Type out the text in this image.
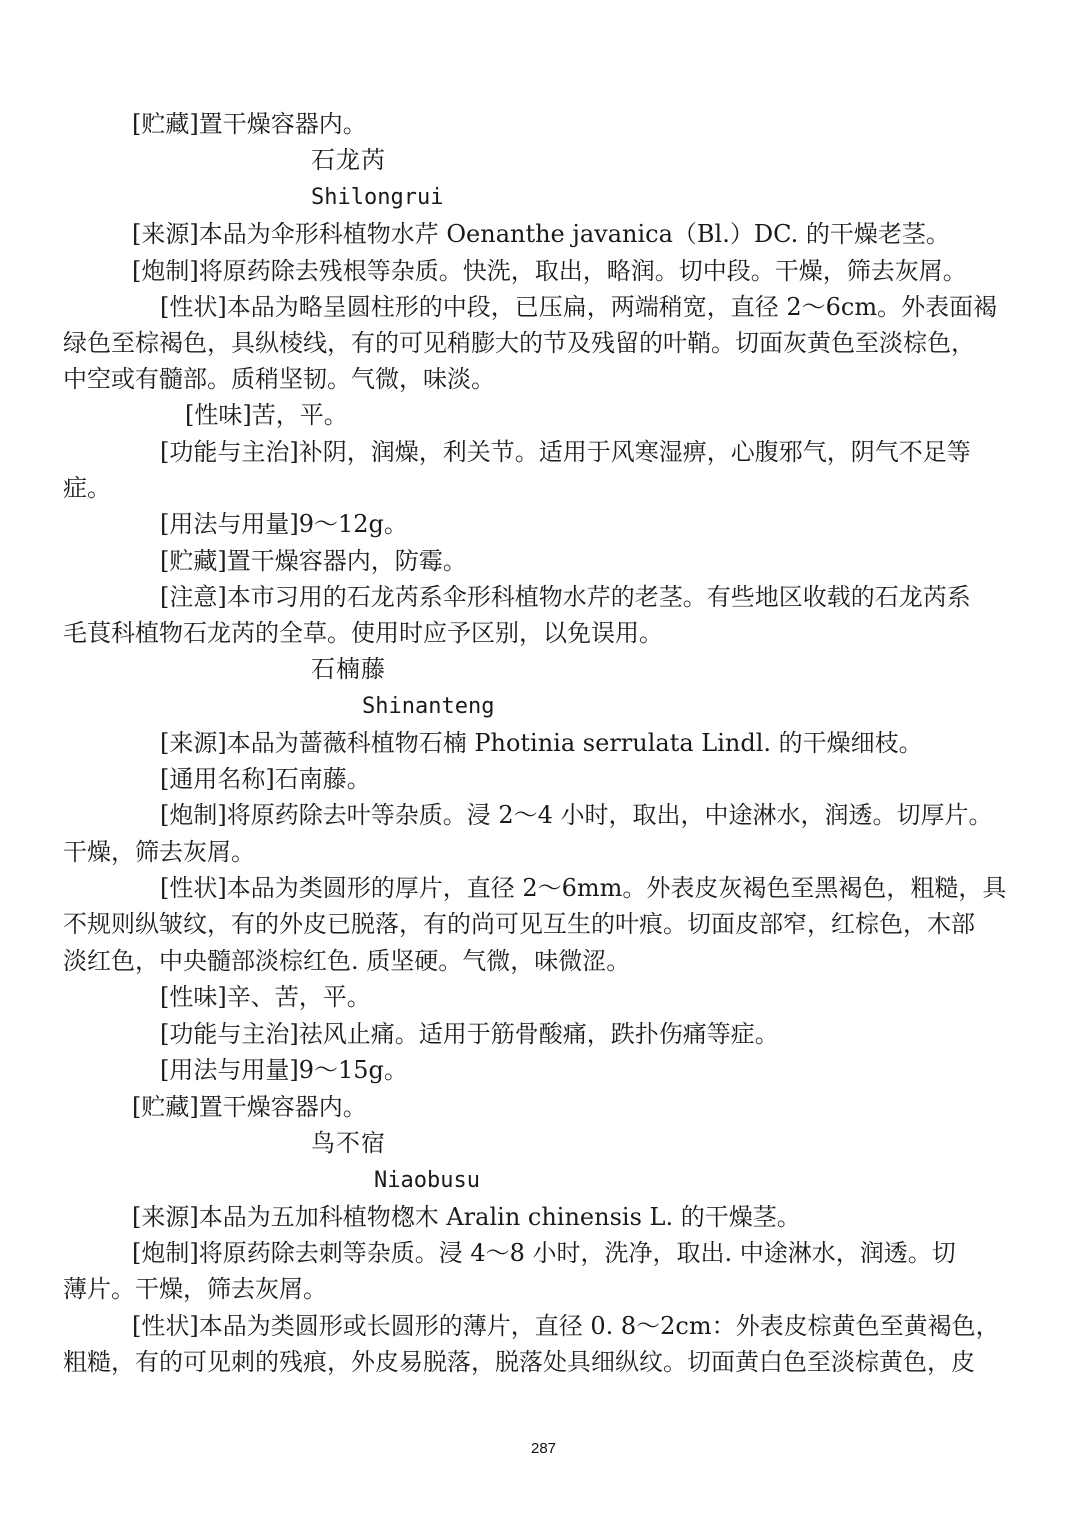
[贮藏]置干燥容器内。
石龙芮
Shilongrui
[来源]本品为伞形科植物水芹 Oenanthe javanica（Bl.）DC. 的干燥老茎。
[炮制]将原药除去残根等杂质。快洗，取出，略润。切中段。干燥，筛去灰屑。
[性状]本品为略呈圆柱形的中段，已压扁，两端稍宽，直径 2～6cm。外表面褐
绿色至棕褐色，具纵棱线，有的可见稍膨大的节及残留的叶鞘。切面灰黄色至淡棕色，
中空或有髓部。质稍坚韧。气微，味淡。
[性味]苦，平。
[功能与主治]补阴，润燥，利关节。适用于风寒湿痹，心腹邪气，阴气不足等
症。
[用法与用量]9～12g。
[贮藏]置干燥容器内，防霉。
[注意]本市习用的石龙芮系伞形科植物水芹的老茎。有些地区收载的石龙芮系
毛茛科植物石龙芮的全草。使用时应予区别，以免误用。
石楠藤
Shinanteng
[来源]本品为蔷薇科植物石楠 Photinia serrulata Lindl. 的干燥细枝。
[通用名称]石南藤。
[炮制]将原药除去叶等杂质。浸 2～4 小时，取出，中途淋水，润透。切厚片。
干燥，筛去灰屑。
[性状]本品为类圆形的厚片，直径 2～6mm。外表皮灰褐色至黑褐色，粗糙，具
不规则纵皱纹，有的外皮已脱落，有的尚可见互生的叶痕。切面皮部窄，红棕色，木部
淡红色，中央髓部淡棕红色. 质坚硬。气微，味微涩。
[性味]辛、苦，平。
[功能与主治]祛风止痛。适用于筋骨酸痛，跌扑伤痛等症。
[用法与用量]9～15g。
[贮藏]置干燥容器内。
鸟不宿
Niaobusu
[来源]本品为五加科植物楤木 Aralin chinensis L. 的干燥茎。
[炮制]将原药除去刺等杂质。浸 4～8 小时，洗净，取出. 中途淋水，润透。切
薄片。干燥，筛去灰屑。
[性状]本品为类圆形或长圆形的薄片，直径 0. 8～2cm：外表皮棕黄色至黄褐色，
粗糙，有的可见刺的残痕，外皮易脱落，脱落处具细纵纹。切面黄白色至淡棕黄色，皮
287
